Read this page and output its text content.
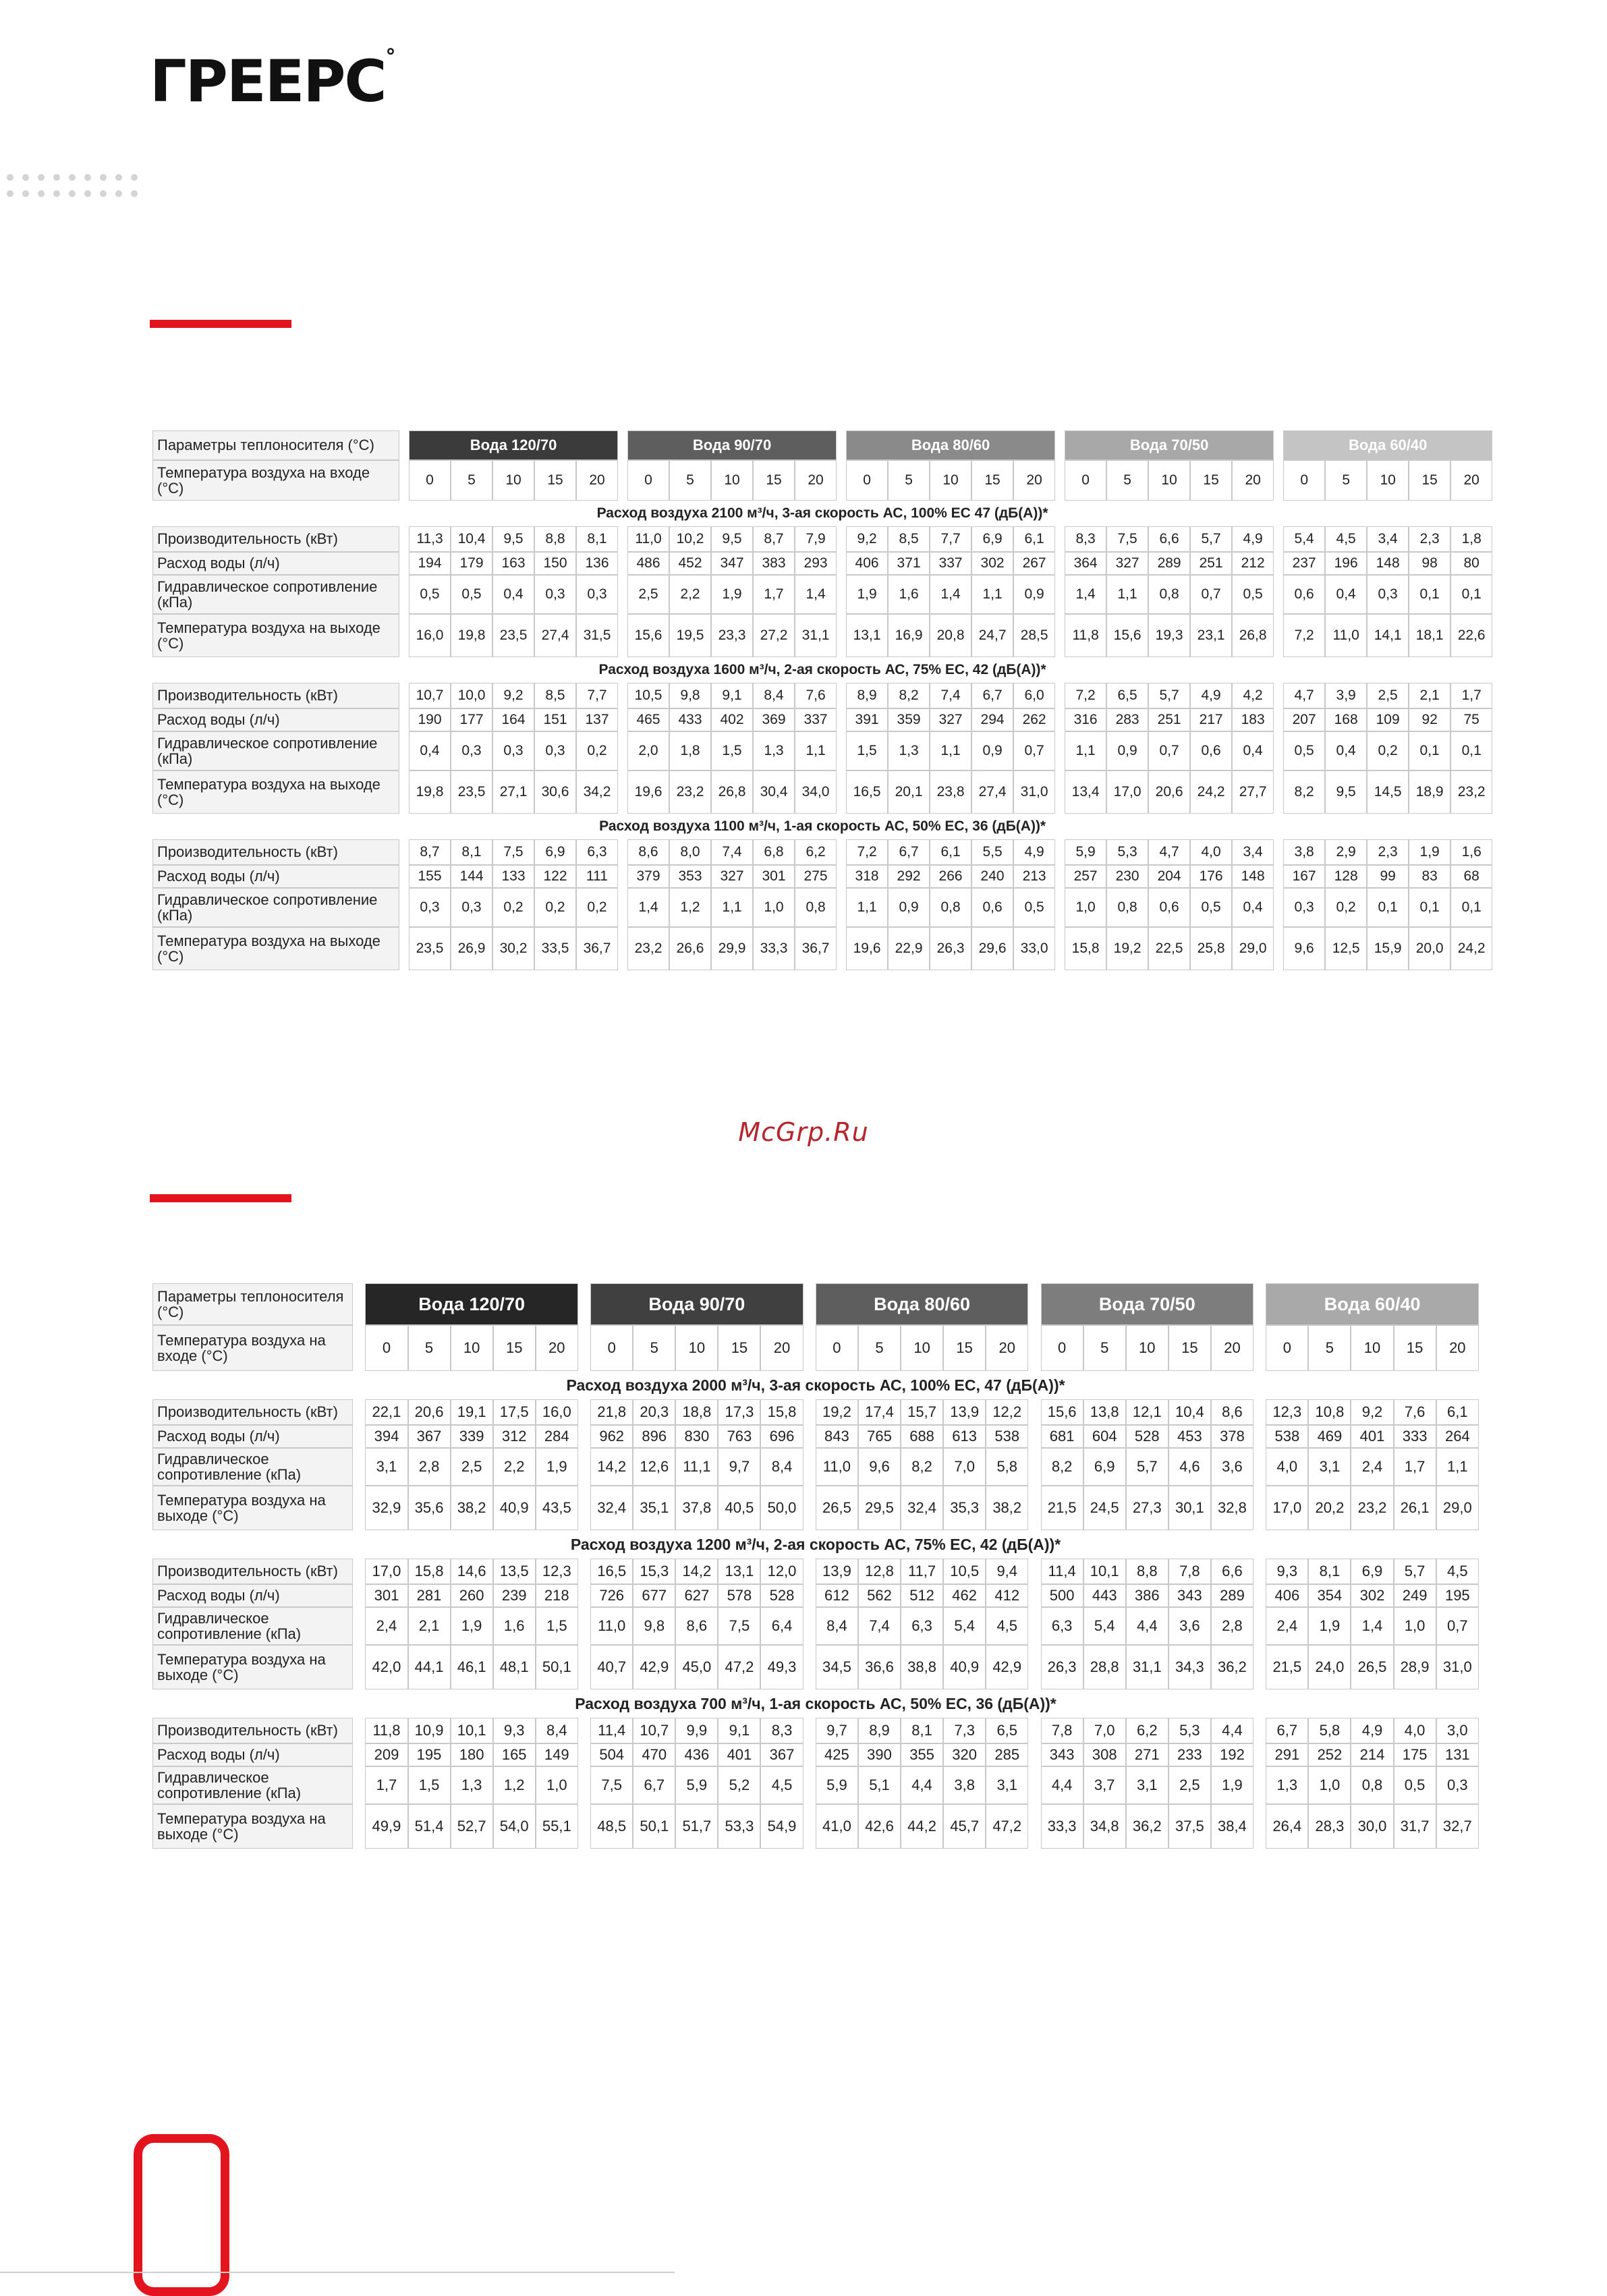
ГРЕЕРС°
McGrp.Ru
Параметры теплоносителя (°C)		Вода 120/70						Вода 90/70						Вода 80/60						Вода 70/50						Вода 60/40				
Температура воздуха на входе (°C)		0	5	10	15	20		0	5	10	15	20		0	5	10	15	20		0	5	10	15	20		0	5	10	15	20
Расход воздуха 2100 м³/ч, 3-ая скорость АС, 100% ЕС 47 (дБ(А))*																														
Производительность (кВт)		11,3	10,4	9,5	8,8	8,1		11,0	10,2	9,5	8,7	7,9		9,2	8,5	7,7	6,9	6,1		8,3	7,5	6,6	5,7	4,9		5,4	4,5	3,4	2,3	1,8
Расход воды (л/ч)		194	179	163	150	136		486	452	347	383	293		406	371	337	302	267		364	327	289	251	212		237	196	148	98	80
Гидравлическое сопротивление (кПа)		0,5	0,5	0,4	0,3	0,3		2,5	2,2	1,9	1,7	1,4		1,9	1,6	1,4	1,1	0,9		1,4	1,1	0,8	0,7	0,5		0,6	0,4	0,3	0,1	0,1
Температура воздуха на выходе (°C)		16,0	19,8	23,5	27,4	31,5		15,6	19,5	23,3	27,2	31,1		13,1	16,9	20,8	24,7	28,5		11,8	15,6	19,3	23,1	26,8		7,2	11,0	14,1	18,1	22,6
Расход воздуха 1600 м³/ч, 2-ая скорость АС, 75% ЕС, 42 (дБ(А))*																														
Производительность (кВт)		10,7	10,0	9,2	8,5	7,7		10,5	9,8	9,1	8,4	7,6		8,9	8,2	7,4	6,7	6,0		7,2	6,5	5,7	4,9	4,2		4,7	3,9	2,5	2,1	1,7
Расход воды (л/ч)		190	177	164	151	137		465	433	402	369	337		391	359	327	294	262		316	283	251	217	183		207	168	109	92	75
Гидравлическое сопротивление (кПа)		0,4	0,3	0,3	0,3	0,2		2,0	1,8	1,5	1,3	1,1		1,5	1,3	1,1	0,9	0,7		1,1	0,9	0,7	0,6	0,4		0,5	0,4	0,2	0,1	0,1
Температура воздуха на выходе (°C)		19,8	23,5	27,1	30,6	34,2		19,6	23,2	26,8	30,4	34,0		16,5	20,1	23,8	27,4	31,0		13,4	17,0	20,6	24,2	27,7		8,2	9,5	14,5	18,9	23,2
Расход воздуха 1100 м³/ч, 1-ая скорость АС, 50% ЕС, 36 (дБ(А))*																														
Производительность (кВт)		8,7	8,1	7,5	6,9	6,3		8,6	8,0	7,4	6,8	6,2		7,2	6,7	6,1	5,5	4,9		5,9	5,3	4,7	4,0	3,4		3,8	2,9	2,3	1,9	1,6
Расход воды (л/ч)		155	144	133	122	111		379	353	327	301	275		318	292	266	240	213		257	230	204	176	148		167	128	99	83	68
Гидравлическое сопротивление (кПа)		0,3	0,3	0,2	0,2	0,2		1,4	1,2	1,1	1,0	0,8		1,1	0,9	0,8	0,6	0,5		1,0	0,8	0,6	0,5	0,4		0,3	0,2	0,1	0,1	0,1
Температура воздуха на выходе (°C)		23,5	26,9	30,2	33,5	36,7		23,2	26,6	29,9	33,3	36,7		19,6	22,9	26,3	29,6	33,0		15,8	19,2	22,5	25,8	29,0		9,6	12,5	15,9	20,0	24,2
Параметры теплоносителя (°C)		Вода 120/70						Вода 90/70						Вода 80/60						Вода 70/50						Вода 60/40				
Температура воздуха на входе (°C)		0	5	10	15	20		0	5	10	15	20		0	5	10	15	20		0	5	10	15	20		0	5	10	15	20
Расход воздуха 2000 м³/ч, 3-ая скорость АС, 100% ЕС, 47 (дБ(А))*																														
Производительность (кВт)		22,1	20,6	19,1	17,5	16,0		21,8	20,3	18,8	17,3	15,8		19,2	17,4	15,7	13,9	12,2		15,6	13,8	12,1	10,4	8,6		12,3	10,8	9,2	7,6	6,1
Расход воды (л/ч)		394	367	339	312	284		962	896	830	763	696		843	765	688	613	538		681	604	528	453	378		538	469	401	333	264
Гидравлическое сопротивление (кПа)		3,1	2,8	2,5	2,2	1,9		14,2	12,6	11,1	9,7	8,4		11,0	9,6	8,2	7,0	5,8		8,2	6,9	5,7	4,6	3,6		4,0	3,1	2,4	1,7	1,1
Температура воздуха на выходе (°C)		32,9	35,6	38,2	40,9	43,5		32,4	35,1	37,8	40,5	50,0		26,5	29,5	32,4	35,3	38,2		21,5	24,5	27,3	30,1	32,8		17,0	20,2	23,2	26,1	29,0
Расход воздуха 1200 м³/ч, 2-ая скорость АС, 75% ЕС, 42 (дБ(А))*																														
Производительность (кВт)		17,0	15,8	14,6	13,5	12,3		16,5	15,3	14,2	13,1	12,0		13,9	12,8	11,7	10,5	9,4		11,4	10,1	8,8	7,8	6,6		9,3	8,1	6,9	5,7	4,5
Расход воды (л/ч)		301	281	260	239	218		726	677	627	578	528		612	562	512	462	412		500	443	386	343	289		406	354	302	249	195
Гидравлическое сопротивление (кПа)		2,4	2,1	1,9	1,6	1,5		11,0	9,8	8,6	7,5	6,4		8,4	7,4	6,3	5,4	4,5		6,3	5,4	4,4	3,6	2,8		2,4	1,9	1,4	1,0	0,7
Температура воздуха на выходе (°C)		42,0	44,1	46,1	48,1	50,1		40,7	42,9	45,0	47,2	49,3		34,5	36,6	38,8	40,9	42,9		26,3	28,8	31,1	34,3	36,2		21,5	24,0	26,5	28,9	31,0
Расход воздуха 700 м³/ч, 1-ая скорость АС, 50% ЕС, 36 (дБ(А))*																														
Производительность (кВт)		11,8	10,9	10,1	9,3	8,4		11,4	10,7	9,9	9,1	8,3		9,7	8,9	8,1	7,3	6,5		7,8	7,0	6,2	5,3	4,4		6,7	5,8	4,9	4,0	3,0
Расход воды (л/ч)		209	195	180	165	149		504	470	436	401	367		425	390	355	320	285		343	308	271	233	192		291	252	214	175	131
Гидравлическое сопротивление (кПа)		1,7	1,5	1,3	1,2	1,0		7,5	6,7	5,9	5,2	4,5		5,9	5,1	4,4	3,8	3,1		4,4	3,7	3,1	2,5	1,9		1,3	1,0	0,8	0,5	0,3
Температура воздуха на выходе (°C)		49,9	51,4	52,7	54,0	55,1		48,5	50,1	51,7	53,3	54,9		41,0	42,6	44,2	45,7	47,2		33,3	34,8	36,2	37,5	38,4		26,4	28,3	30,0	31,7	32,7
